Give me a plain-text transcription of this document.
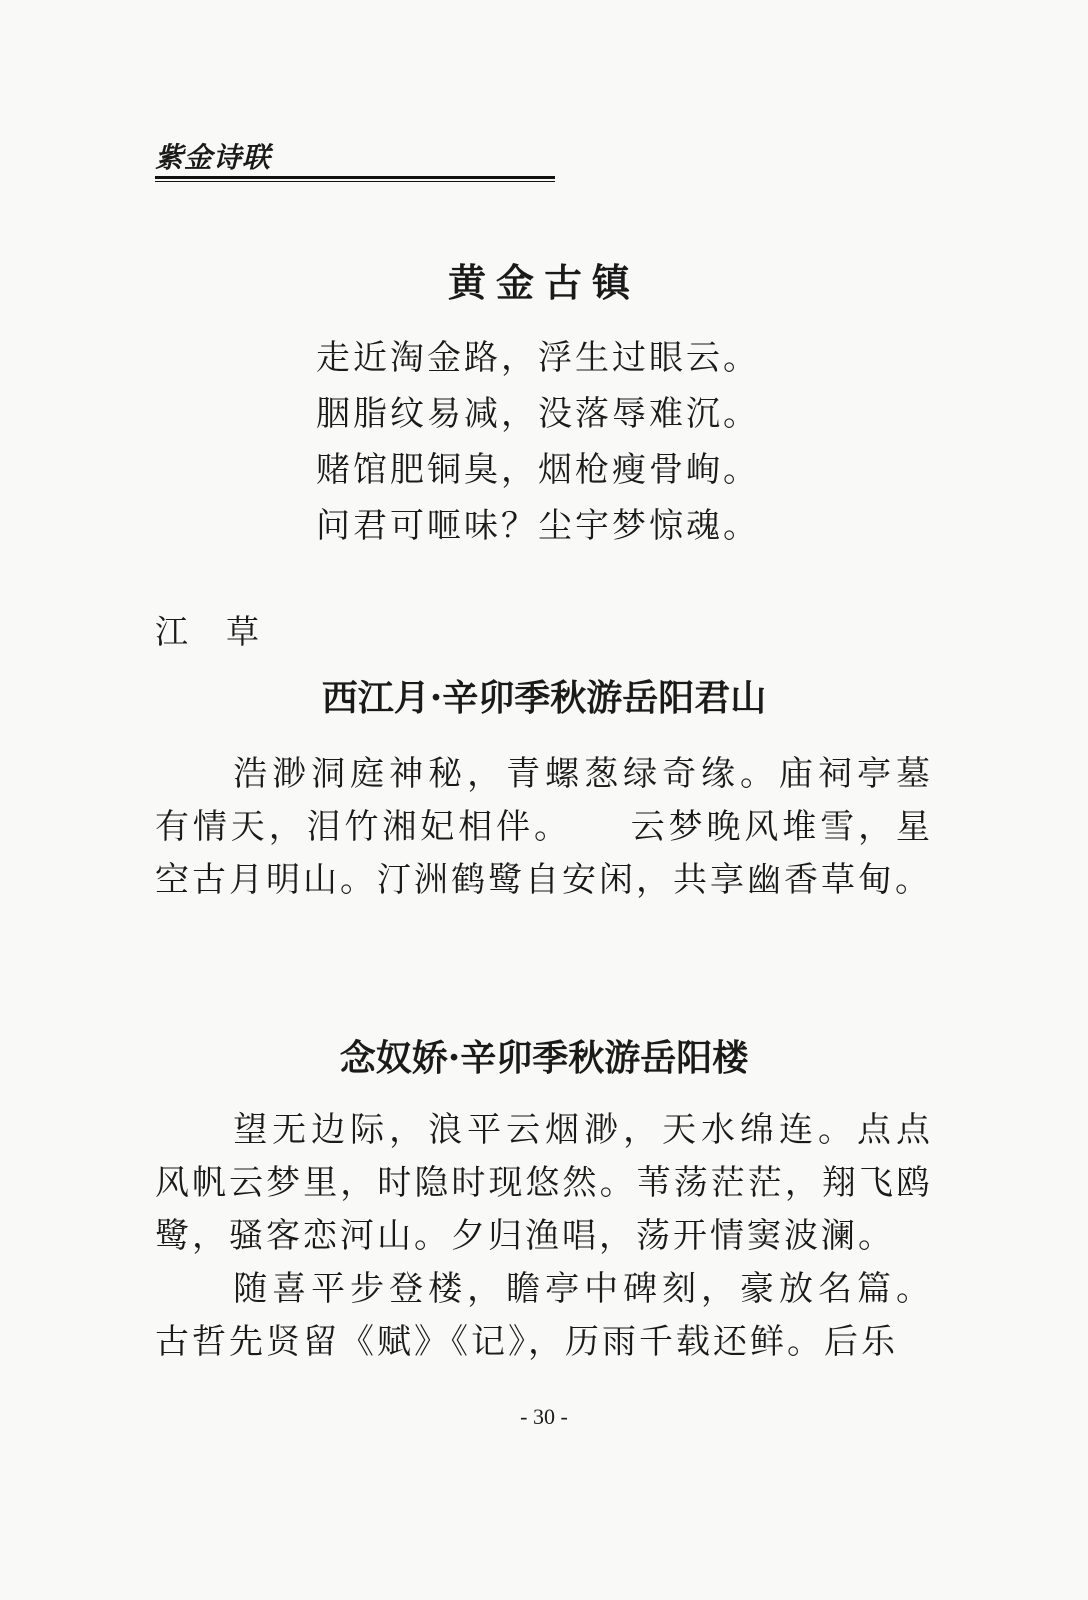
紫金诗联
黄金古镇
走近淘金路，浮生过眼云。
胭脂纹易减，没落辱难沉。
赌馆肥铜臭，烟枪瘦骨峋。
问君可咂味？尘宇梦惊魂。
江草
西江月·辛卯季秋游岳阳君山

浩渺洞庭神秘，青螺葱绿奇缘。庙祠亭墓有情天，泪竹湘妃相伴。　　云梦晚风堆雪，星空古月明山。汀洲鹤鹭自安闲，共享幽香草甸。

念奴娇·辛卯季秋游岳阳楼

望无边际，浪平云烟渺，天水绵连。点点风帆云梦里，时隐时现悠然。苇荡茫茫，翔飞鸥鹭，骚客恋河山。夕归渔唱，荡开情窦波澜。

随喜平步登楼，瞻亭中碑刻，豪放名篇。古哲先贤留《赋》《记》，历雨千载还鲜。后乐

- 30 -
